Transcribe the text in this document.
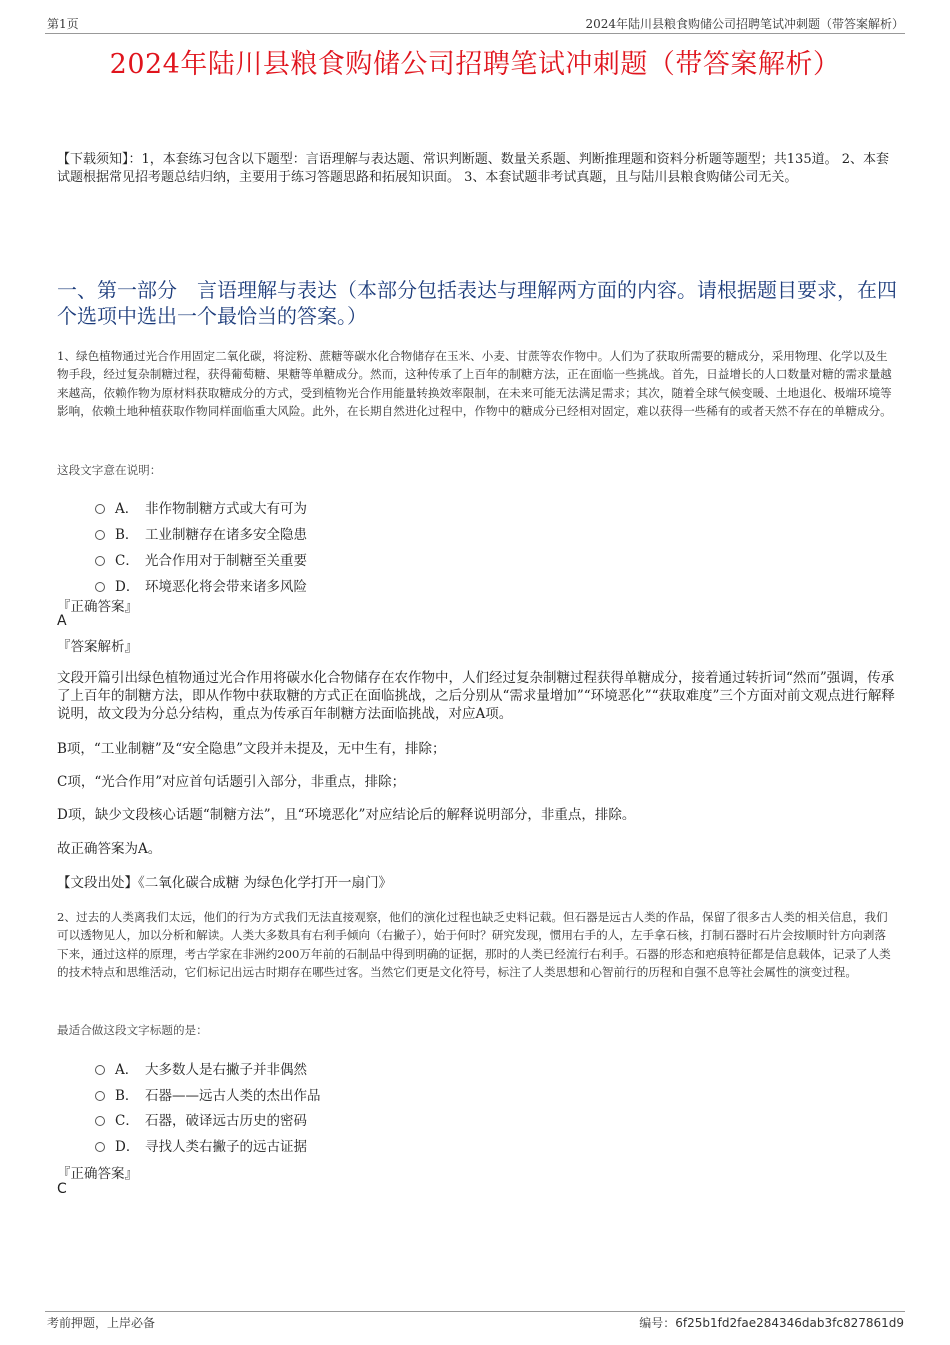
第1页	2024年陆川县粮食购储公司招聘笔试冲刺题（带答案解析）
2024年陆川县粮食购储公司招聘笔试冲刺题（带答案解析）
【下载须知】：1，本套练习包含以下题型：言语理解与表达题、常识判断题、数量关系题、判断推理题和资料分析题等题型；共135道。 2、本套试题根据常见招考题总结归纳，主要用于练习答题思路和拓展知识面。 3、本套试题非考试真题，且与陆川县粮食购储公司无关。
一、第一部分　言语理解与表达（本部分包括表达与理解两方面的内容。请根据题目要求，在四个选项中选出一个最恰当的答案。）
1、绿色植物通过光合作用固定二氧化碳，将淀粉、蔗糖等碳水化合物储存在玉米、小麦、甘蔗等农作物中。人们为了获取所需要的糖成分，采用物理、化学以及生物手段，经过复杂制糖过程，获得葡萄糖、果糖等单糖成分。然而，这种传承了上百年的制糖方法，正在面临一些挑战。首先，日益增长的人口数量对糖的需求量越来越高，依赖作物为原材料获取糖成分的方式，受到植物光合作用能量转换效率限制，在未来可能无法满足需求；其次，随着全球气候变暖、土地退化、极端环境等影响，依赖土地种植获取作物同样面临重大风险。此外，在长期自然进化过程中，作物中的糖成分已经相对固定，难以获得一些稀有的或者天然不存在的单糖成分。
这段文字意在说明：
A． 非作物制糖方式或大有可为
B． 工业制糖存在诸多安全隐患
C． 光合作用对于制糖至关重要
D． 环境恶化将会带来诸多风险
『正确答案』
A
『答案解析』
文段开篇引出绿色植物通过光合作用将碳水化合物储存在农作物中，人们经过复杂制糖过程获得单糖成分，接着通过转折词“然而”强调，传承了上百年的制糖方法，即从作物中获取糖的方式正在面临挑战，之后分别从“需求量增加”“环境恶化”“获取难度”三个方面对前文观点进行解释说明，故文段为分总分结构，重点为传承百年制糖方法面临挑战，对应A项。
B项，“工业制糖”及“安全隐患”文段并未提及，无中生有，排除；
C项，“光合作用”对应首句话题引入部分，非重点，排除；
D项，缺少文段核心话题“制糖方法”，且“环境恶化”对应结论后的解释说明部分，非重点，排除。
故正确答案为A。
【文段出处】《二氧化碳合成糖 为绿色化学打开一扇门》
2、过去的人类离我们太远，他们的行为方式我们无法直接观察，他们的演化过程也缺乏史料记载。但石器是远古人类的作品，保留了很多古人类的相关信息，我们可以透物见人，加以分析和解读。人类大多数具有右利手倾向（右撇子），始于何时？研究发现，惯用右手的人，左手拿石核，打制石器时石片会按顺时针方向剥落下来，通过这样的原理，考古学家在非洲约200万年前的石制品中得到明确的证据，那时的人类已经流行右利手。石器的形态和疤痕特征都是信息载体，记录了人类的技术特点和思维活动，它们标记出远古时期存在哪些过客。当然它们更是文化符号，标注了人类思想和心智前行的历程和自强不息等社会属性的演变过程。
最适合做这段文字标题的是：
A． 大多数人是右撇子并非偶然
B． 石器——远古人类的杰出作品
C． 石器，破译远古历史的密码
D． 寻找人类右撇子的远古证据
『正确答案』
C
考前押题，上岸必备	编号：6f25b1fd2fae284346dab3fc827861d9
